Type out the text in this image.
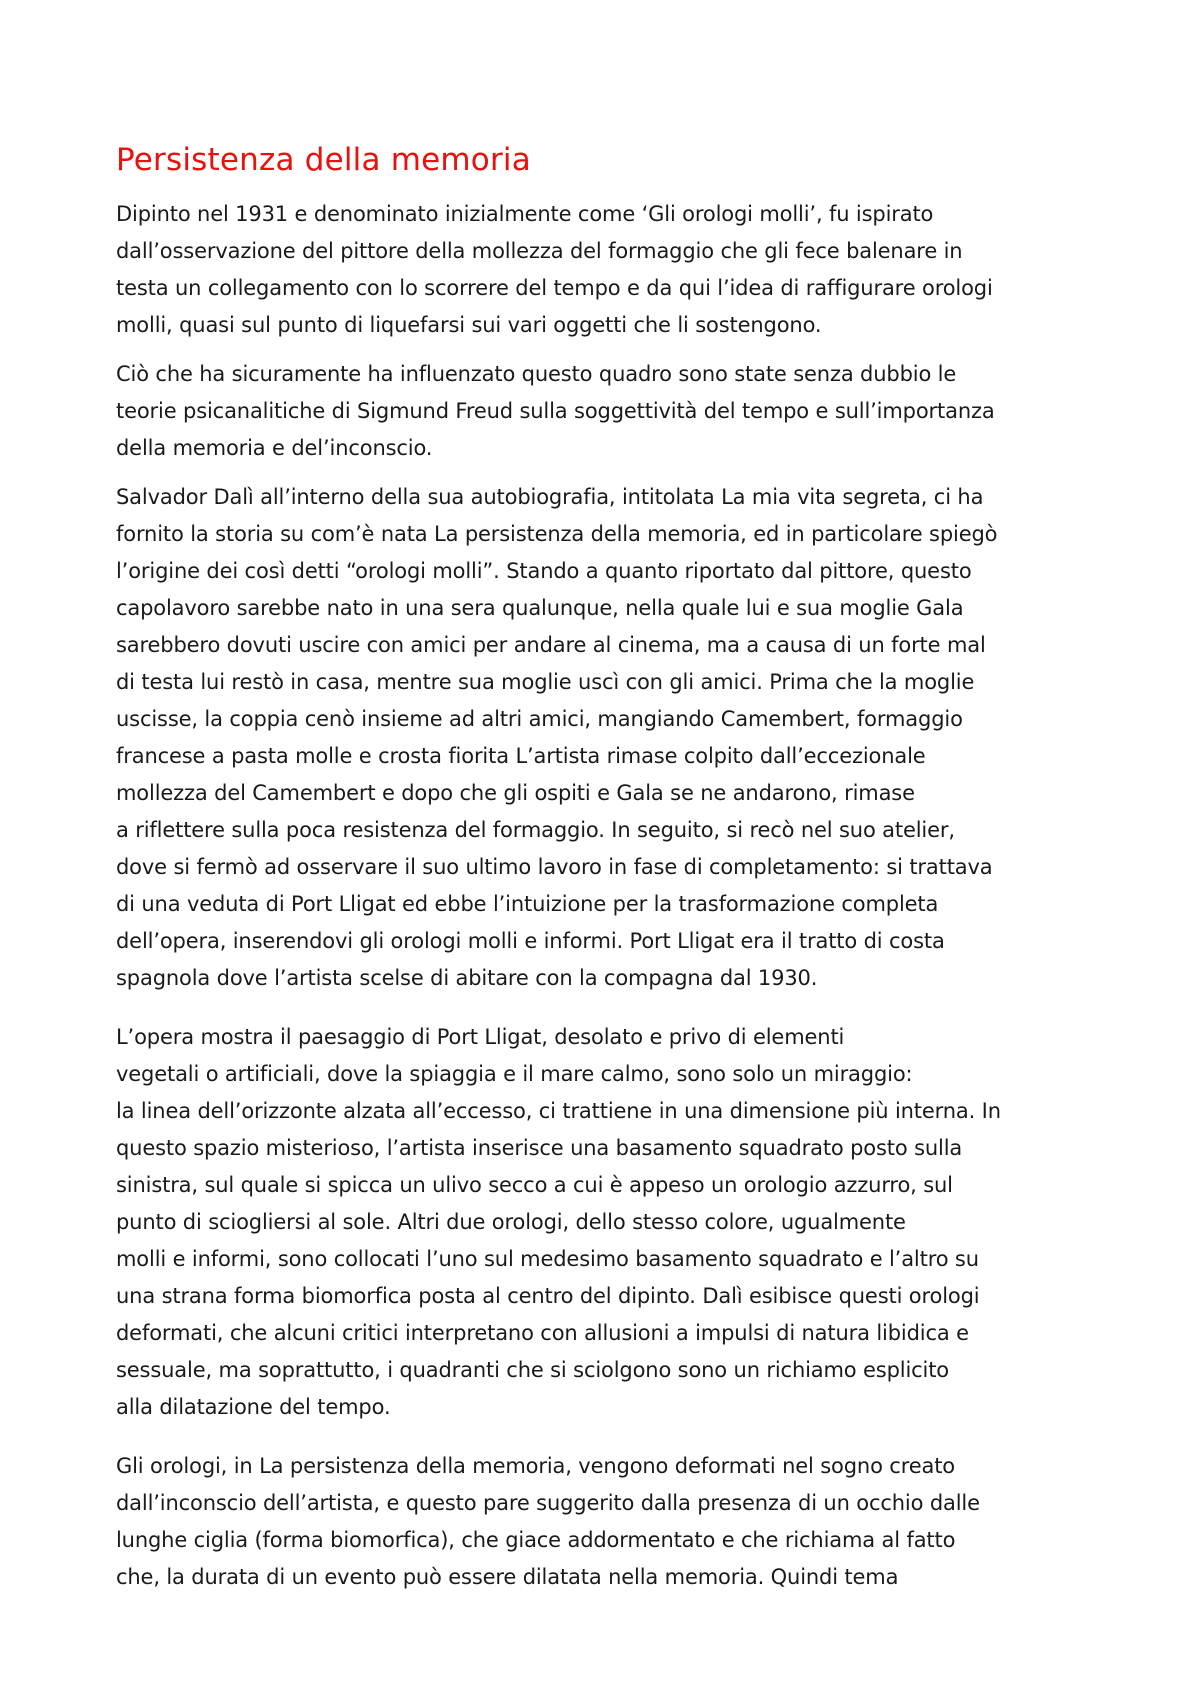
Persistenza della memoria

Dipinto nel 1931 e denominato inizialmente come ‘Gli orologi molli’, fu ispirato
dall’osservazione del pittore della mollezza del formaggio che gli fece balenare in
testa un collegamento con lo scorrere del tempo e da qui l’idea di raffigurare orologi
molli, quasi sul punto di liquefarsi sui vari oggetti che li sostengono.

Ciò che ha sicuramente ha influenzato questo quadro sono state senza dubbio le
teorie psicanalitiche di Sigmund Freud sulla soggettività del tempo e sull’importanza
della memoria e del’inconscio.

Salvador Dalì all’interno della sua autobiografia, intitolata La mia vita segreta, ci ha
fornito la storia su com’è nata La persistenza della memoria, ed in particolare spiegò
l’origine dei così detti “orologi molli”. Stando a quanto riportato dal pittore, questo
capolavoro sarebbe nato in una sera qualunque, nella quale lui e sua moglie Gala
sarebbero dovuti uscire con amici per andare al cinema, ma a causa di un forte mal
di testa lui restò in casa, mentre sua moglie uscì con gli amici. Prima che la moglie
uscisse, la coppia cenò insieme ad altri amici, mangiando Camembert, formaggio
francese a pasta molle e crosta fiorita L’artista rimase colpito dall’eccezionale
mollezza del Camembert e dopo che gli ospiti e Gala se ne andarono, rimase
a riflettere sulla poca resistenza del formaggio. In seguito, si recò nel suo atelier,
dove si fermò ad osservare il suo ultimo lavoro in fase di completamento: si trattava
di una veduta di Port Lligat ed ebbe l’intuizione per la trasformazione completa
dell’opera, inserendovi gli orologi molli e informi. Port Lligat era il tratto di costa
spagnola dove l’artista scelse di abitare con la compagna dal 1930.

L’opera mostra il paesaggio di Port Lligat, desolato e privo di elementi
vegetali o artificiali, dove la spiaggia e il mare calmo, sono solo un miraggio:
la linea dell’orizzonte alzata all’eccesso, ci trattiene in una dimensione più interna. In
questo spazio misterioso, l’artista inserisce una basamento squadrato posto sulla
sinistra, sul quale si spicca un ulivo secco a cui è appeso un orologio azzurro, sul
punto di sciogliersi al sole. Altri due orologi, dello stesso colore, ugualmente
molli e informi, sono collocati l’uno sul medesimo basamento squadrato e l’altro su
una strana forma biomorfica posta al centro del dipinto. Dalì esibisce questi orologi
deformati, che alcuni critici interpretano con allusioni a impulsi di natura libidica e
sessuale, ma soprattutto, i quadranti che si sciolgono sono un richiamo esplicito
alla dilatazione del tempo.

Gli orologi, in La persistenza della memoria, vengono deformati nel sogno creato
dall’inconscio dell’artista, e questo pare suggerito dalla presenza di un occhio dalle
lunghe ciglia (forma biomorfica), che giace addormentato e che richiama al fatto
che, la durata di un evento può essere dilatata nella memoria. Quindi tema
